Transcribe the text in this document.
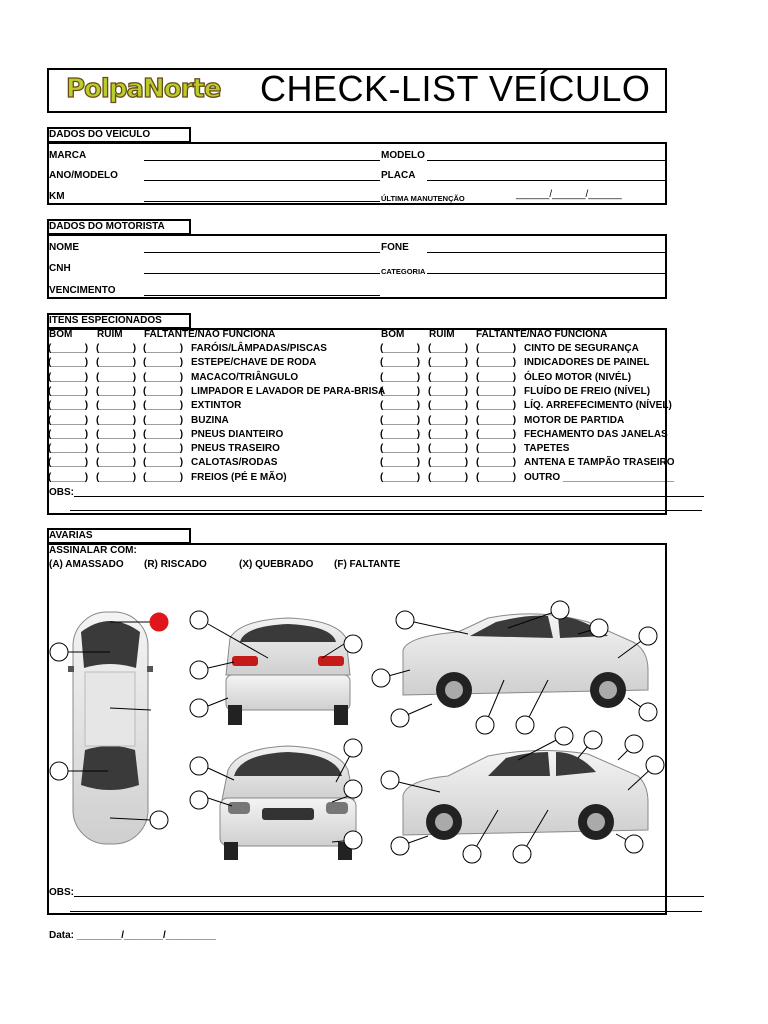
PolpaNorte CHECK-LIST VEÍCULO
DADOS DO VEÍCULO
MARCA	MODELO
ANO/MODELO	PLACA
KM	ÚLTIMA MANUTENÇÃO	______/______/______
DADOS DO MOTORISTA
NOME	FONE
CNH	CATEGORIA
VENCIMENTO
ITENS ESPECIONADOS
BOM RUIM FALTANTE/NÃO FUNCIONA	BOM RUIM FALTANTE/NÃO FUNCIONA
(______) (______) (______) FARÓIS/LÂMPADAS/PISCAS
(______) (______) (______) ESTEPE/CHAVE DE RODA
(______) (______) (______) MACACO/TRIÂNGULO
(______) (______) (______) LIMPADOR E LAVADOR DE PARA-BRISA
(______) (______) (______) EXTINTOR
(______) (______) (______) BUZINA
(______) (______) (______) PNEUS DIANTEIRO
(______) (______) (______) PNEUS TRASEIRO
(______) (______) (______) CALOTAS/RODAS
(______) (______) (______) FREIOS (PÉ E MÃO)
(______) (______) (______) CINTO DE SEGURANÇA
(______) (______) (______) INDICADORES DE PAINEL
(______) (______) (______) ÓLEO MOTOR (NIVÉL)
(______) (______) (______) FLUÍDO DE FREIO (NÍVEL)
(______) (______) (______) LÍQ. ARREFECIMENTO (NÍVEL)
(______) (______) (______) MOTOR DE PARTIDA
(______) (______) (______) FECHAMENTO DAS JANELAS
(______) (______) (______) TAPETES
(______) (______) (______) ANTENA E TAMPÃO TRASEIRO
(______) (______) (______) OUTRO ____________________
OBS:
AVARIAS
ASSINALAR COM:
(A) AMASSADO (R) RISCADO	(X) QUEBRADO (F) FALTANTE
OBS:
Data: ________/_______/_________
